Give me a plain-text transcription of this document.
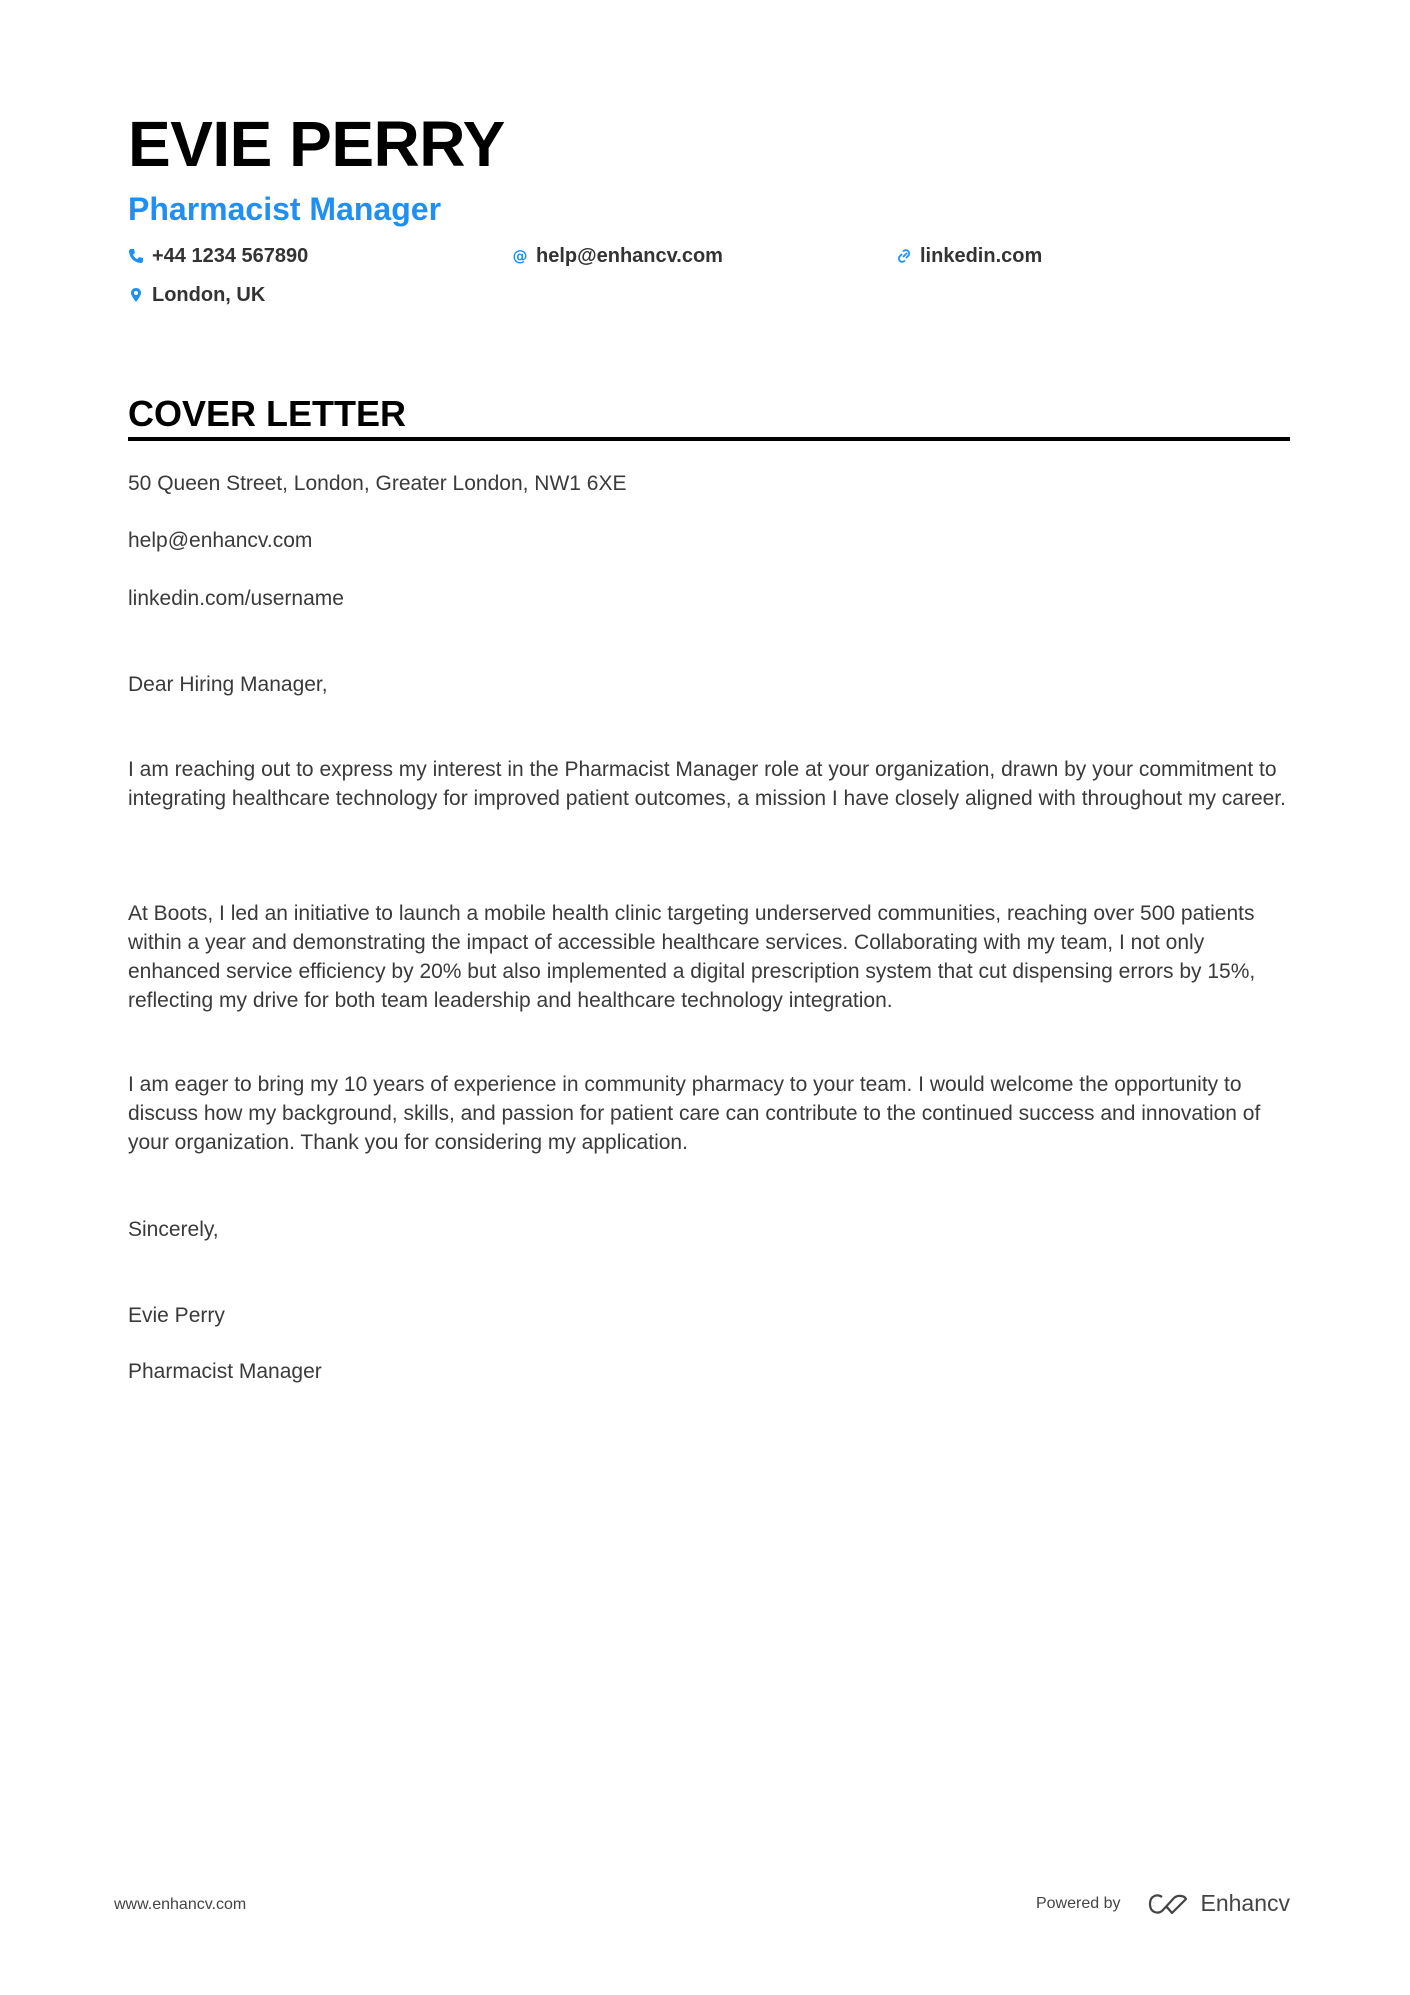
EVIE PERRY
Pharmacist Manager
+44 1234 567890	@ help@enhancv.com	linkedin.com
London, UK
COVER LETTER

50 Queen Street, London, Greater London, NW1 6XE

help@enhancv.com

linkedin.com/username

Dear Hiring Manager,

I am reaching out to express my interest in the Pharmacist Manager role at your organization, drawn by your commitment to integrating healthcare technology for improved patient outcomes, a mission I have closely aligned with throughout my career.

At Boots, I led an initiative to launch a mobile health clinic targeting underserved communities, reaching over 500 patients within a year and demonstrating the impact of accessible healthcare services. Collaborating with my team, I not only enhanced service efficiency by 20% but also implemented a digital prescription system that cut dispensing errors by 15%, reflecting my drive for both team leadership and healthcare technology integration.

I am eager to bring my 10 years of experience in community pharmacy to your team. I would welcome the opportunity to discuss how my background, skills, and passion for patient care can contribute to the continued success and innovation of your organization. Thank you for considering my application.

Sincerely,

Evie Perry

Pharmacist Manager

www.enhancv.com	Powered by	Enhancv
